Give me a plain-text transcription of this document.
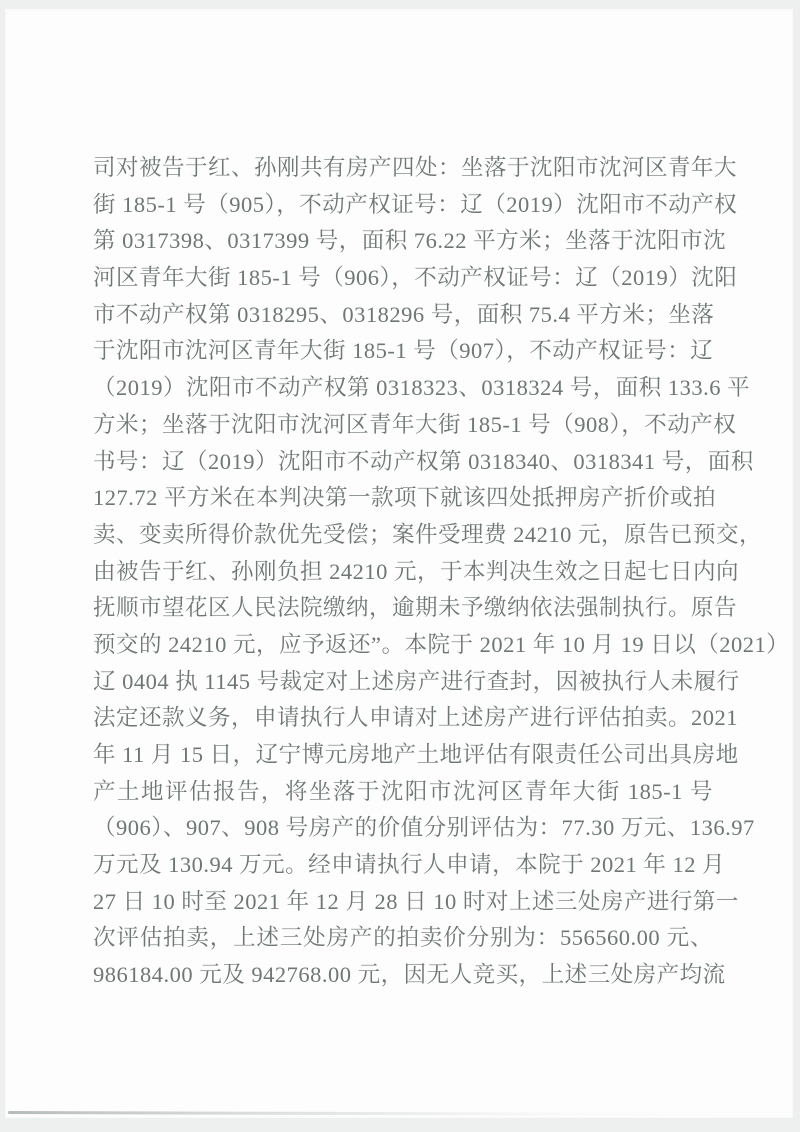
司对被告于红、孙刚共有房产四处：坐落于沈阳市沈河区青年大
街 185-1 号（905），不动产权证号：辽（2019）沈阳市不动产权
第 0317398、0317399 号，面积 76.22 平方米；坐落于沈阳市沈
河区青年大街 185-1 号（906），不动产权证号：辽（2019）沈阳
市不动产权第 0318295、0318296 号，面积 75.4 平方米；坐落
于沈阳市沈河区青年大街 185-1 号（907），不动产权证号：辽
（2019）沈阳市不动产权第 0318323、0318324 号，面积 133.6 平
方米；坐落于沈阳市沈河区青年大街 185-1 号（908），不动产权
书号：辽（2019）沈阳市不动产权第 0318340、0318341 号，面积
127.72 平方米在本判决第一款项下就该四处抵押房产折价或拍
卖、变卖所得价款优先受偿；案件受理费 24210 元，原告已预交，
由被告于红、孙刚负担 24210 元，于本判决生效之日起七日内向
抚顺市望花区人民法院缴纳，逾期未予缴纳依法强制执行。原告
预交的 24210 元，应予返还”。本院于 2021 年 10 月 19 日以（2021）
辽 0404 执 1145 号裁定对上述房产进行查封，因被执行人未履行
法定还款义务，申请执行人申请对上述房产进行评估拍卖。2021
年 11 月 15 日，辽宁博元房地产土地评估有限责任公司出具房地
产土地评估报告，将坐落于沈阳市沈河区青年大街 185-1 号
（906）、907、908 号房产的价值分别评估为：77.30 万元、136.97
万元及 130.94 万元。经申请执行人申请，本院于 2021 年 12 月
27 日 10 时至 2021 年 12 月 28 日 10 时对上述三处房产进行第一
次评估拍卖，上述三处房产的拍卖价分别为：556560.00 元、
986184.00 元及 942768.00 元，因无人竞买，上述三处房产均流
